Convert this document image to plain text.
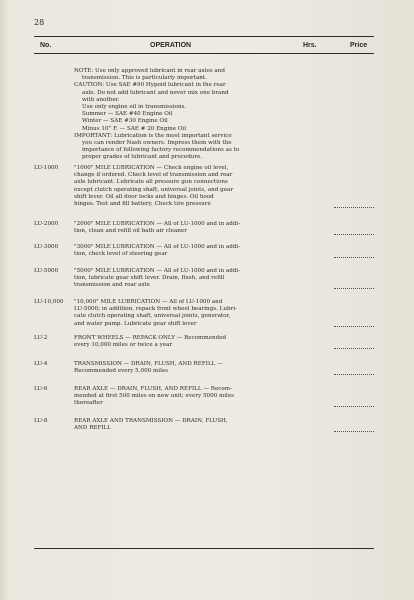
28
No.	OPERATION	Hrs.	Price
NOTE: Use only approved lubricant in rear axles and
transmission. This is particularly important.
CAUTION: Use SAE #90 Hypoid lubricant in the rear
axle. Do not add lubricant and never mix one brand
with another.
Use only engine oil in transmissions.
Summer — SAE #40 Engine Oil
Winter — SAE #30 Engine Oil
Minus 10° F. — SAE # 20 Engine Oil
IMPORTANT: Lubrication is the most important service
you can render Nash owners. Impress them with the
importance of following factory recommendations as to
proper grades of lubricant and procedure.
LU-1000	"1000" MILE LUBRICATION — Check engine oil level,
change if ordered. Check level of transmission and rear
axle lubricant. Lubricate all pressure gun connections
except clutch operating shaft, universal joints, and gear
shift lever. Oil all door locks and hinges. Oil hood
hinges. Test and fill battery. Check tire pressure
LU-2000	"2000" MILE LUBRICATION — All of LU-1000 and in addi-
tion, clean and refill oil bath air cleaner
LU-3000	"3000" MILE LUBRICATION — All of LU-1000 and in addi-
tion, check level of steering gear
LU-5000	"5000" MILE LUBRICATION — All of LU-1000 and in addi-
tion, lubricate gear shift lever. Drain, flush, and refill
transmission and rear axle
LU-10,000	"10,000" MILE LUBRICATION — All of LU-1000 and
LU-5000; in addition, repack front wheel bearings. Lubri-
cate clutch operating shaft, universal joints, generator,
and water pump. Lubricate gear shift lever
LU-2	FRONT WHEELS — REPACK ONLY — Recommended
every 10,000 miles or twice a year
LU-4	TRANSMISSION — DRAIN, FLUSH, AND REFILL —
Recommended every 5,000 miles
LU-6	REAR AXLE — DRAIN, FLUSH, AND REFILL — Recom-
mended at first 500 miles on new unit; every 5000 miles
thereafter
LU-8	REAR AXLE AND TRANSMISSION — DRAIN, FLUSH,
AND REFILL
